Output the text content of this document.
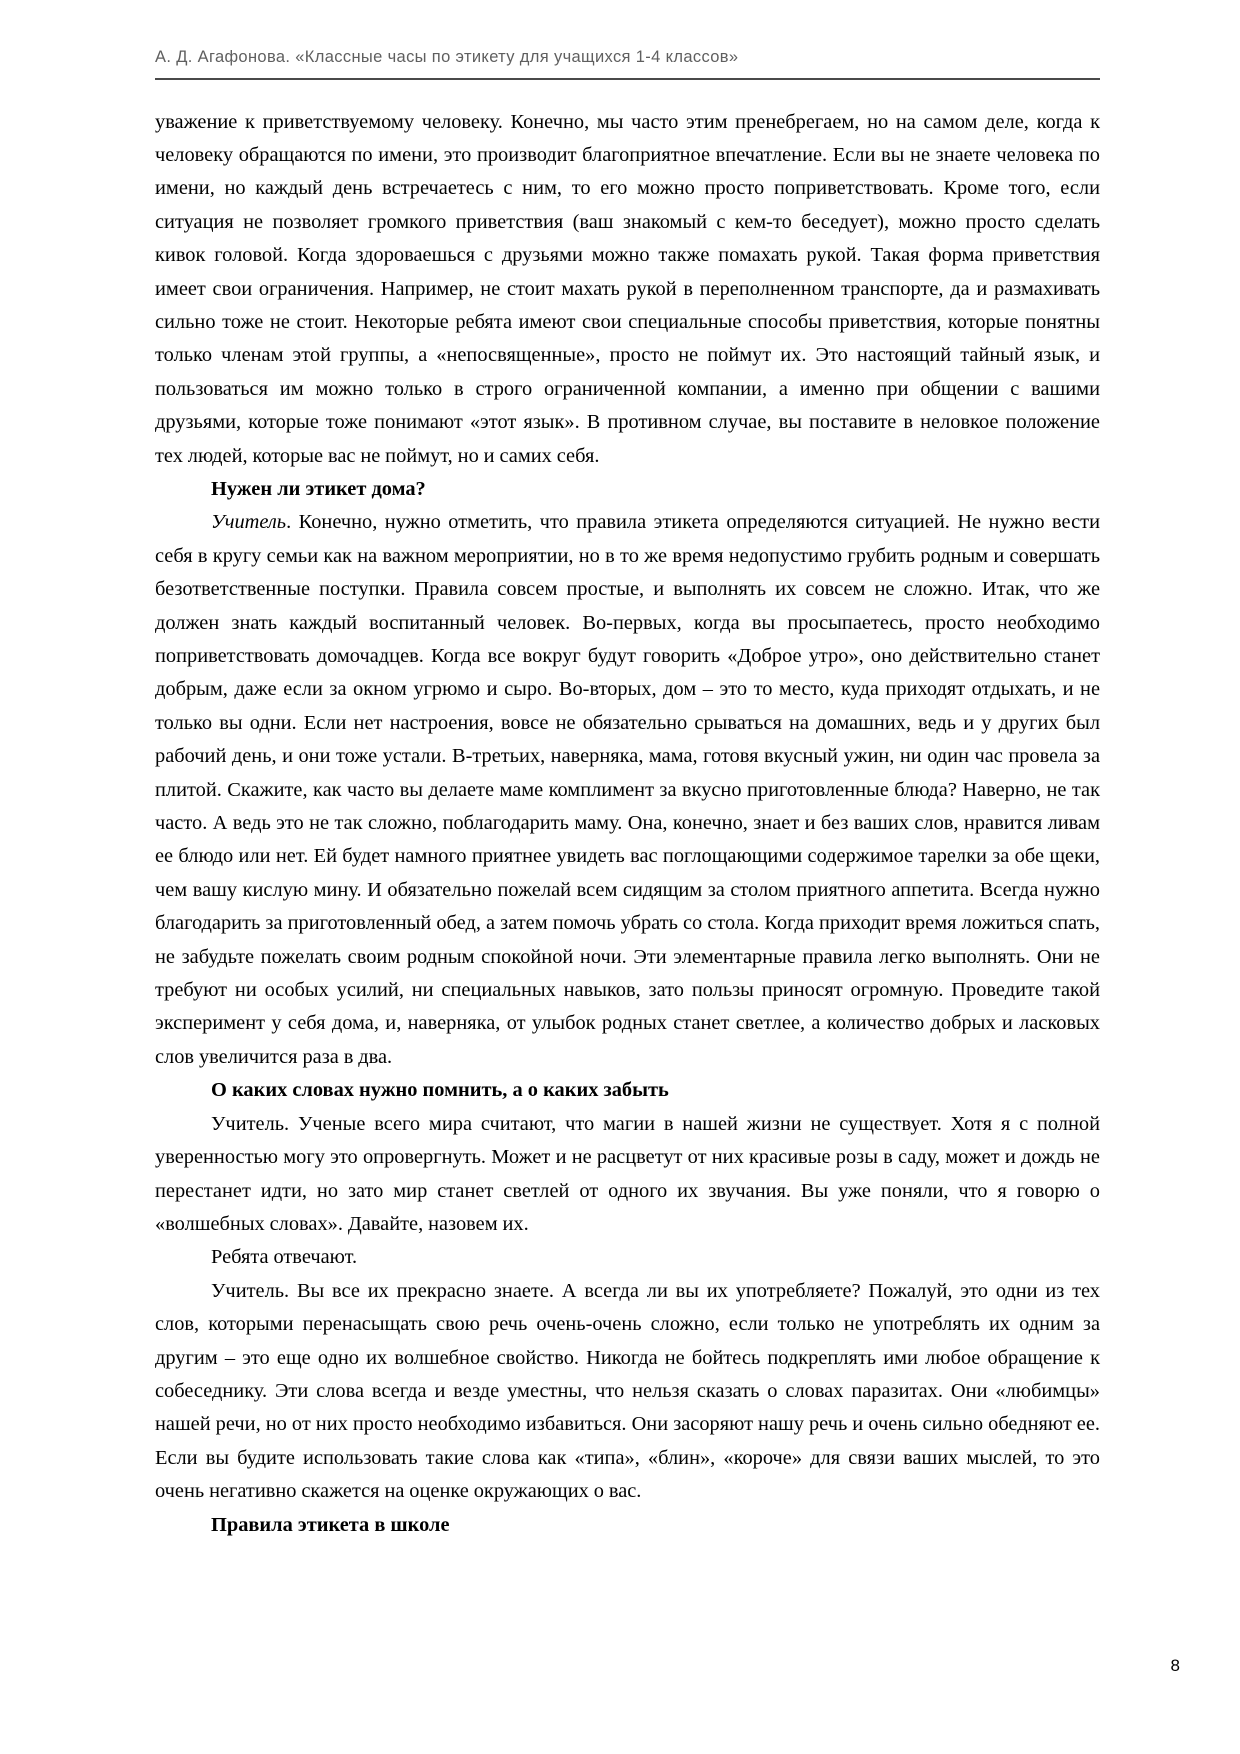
А. Д. Агафонова. «Классные часы по этикету для учащихся 1-4 классов»

уважение к приветствуемому человеку. Конечно, мы часто этим пренебрегаем, но на самом деле, когда к человеку обращаются по имени, это производит благоприятное впечатление. Если вы не знаете человека по имени, но каждый день встречаетесь с ним, то его можно просто поприветствовать. Кроме того, если ситуация не позволяет громкого приветствия (ваш знакомый с кем-то беседует), можно просто сделать кивок головой. Когда здороваешься с друзьями можно также помахать рукой. Такая форма приветствия имеет свои ограничения. Например, не стоит махать рукой в переполненном транспорте, да и размахивать сильно тоже не стоит. Некоторые ребята имеют свои специальные способы приветствия, которые понятны только членам этой группы, а «непосвященные», просто не поймут их. Это настоящий тайный язык, и пользоваться им можно только в строго ограниченной компании, а именно при общении с вашими друзьями, которые тоже понимают «этот язык». В противном случае, вы поставите в неловкое положение тех людей, которые вас не поймут, но и самих себя.

Нужен ли этикет дома?

Учитель. Конечно, нужно отметить, что правила этикета определяются ситуацией. Не нужно вести себя в кругу семьи как на важном мероприятии, но в то же время недопустимо грубить родным и совершать безответственные поступки. Правила совсем простые, и выполнять их совсем не сложно. Итак, что же должен знать каждый воспитанный человек. Во-первых, когда вы просыпаетесь, просто необходимо поприветствовать домочадцев. Когда все вокруг будут говорить «Доброе утро», оно действительно станет добрым, даже если за окном угрюмо и сыро. Во-вторых, дом – это то место, куда приходят отдыхать, и не только вы одни. Если нет настроения, вовсе не обязательно срываться на домашних, ведь и у других был рабочий день, и они тоже устали. В-третьих, наверняка, мама, готовя вкусный ужин, ни один час провела за плитой. Скажите, как часто вы делаете маме комплимент за вкусно приготовленные блюда? Наверно, не так часто. А ведь это не так сложно, поблагодарить маму. Она, конечно, знает и без ваших слов, нравится ливам ее блюдо или нет. Ей будет намного приятнее увидеть вас поглощающими содержимое тарелки за обе щеки, чем вашу кислую мину. И обязательно пожелай всем сидящим за столом приятного аппетита. Всегда нужно благодарить за приготовленный обед, а затем помочь убрать со стола. Когда приходит время ложиться спать, не забудьте пожелать своим родным спокойной ночи. Эти элементарные правила легко выполнять. Они не требуют ни особых усилий, ни специальных навыков, зато пользы приносят огромную. Проведите такой эксперимент у себя дома, и, наверняка, от улыбок родных станет светлее, а количество добрых и ласковых слов увеличится раза в два.

О каких словах нужно помнить, а о каких забыть

Учитель. Ученые всего мира считают, что магии в нашей жизни не существует. Хотя я с полной уверенностью могу это опровергнуть. Может и не расцветут от них красивые розы в саду, может и дождь не перестанет идти, но зато мир станет светлей от одного их звучания. Вы уже поняли, что я говорю о «волшебных словах». Давайте, назовем их.

Ребята отвечают.

Учитель. Вы все их прекрасно знаете. А всегда ли вы их употребляете? Пожалуй, это одни из тех слов, которыми перенасыщать свою речь очень-очень сложно, если только не употреблять их одним за другим – это еще одно их волшебное свойство. Никогда не бойтесь подкреплять ими любое обращение к собеседнику. Эти слова всегда и везде уместны, что нельзя сказать о словах паразитах. Они «любимцы» нашей речи, но от них просто необходимо избавиться. Они засоряют нашу речь и очень сильно обедняют ее. Если вы будите использовать такие слова как «типа», «блин», «короче» для связи ваших мыслей, то это очень негативно скажется на оценке окружающих о вас.

Правила этикета в школе
8
